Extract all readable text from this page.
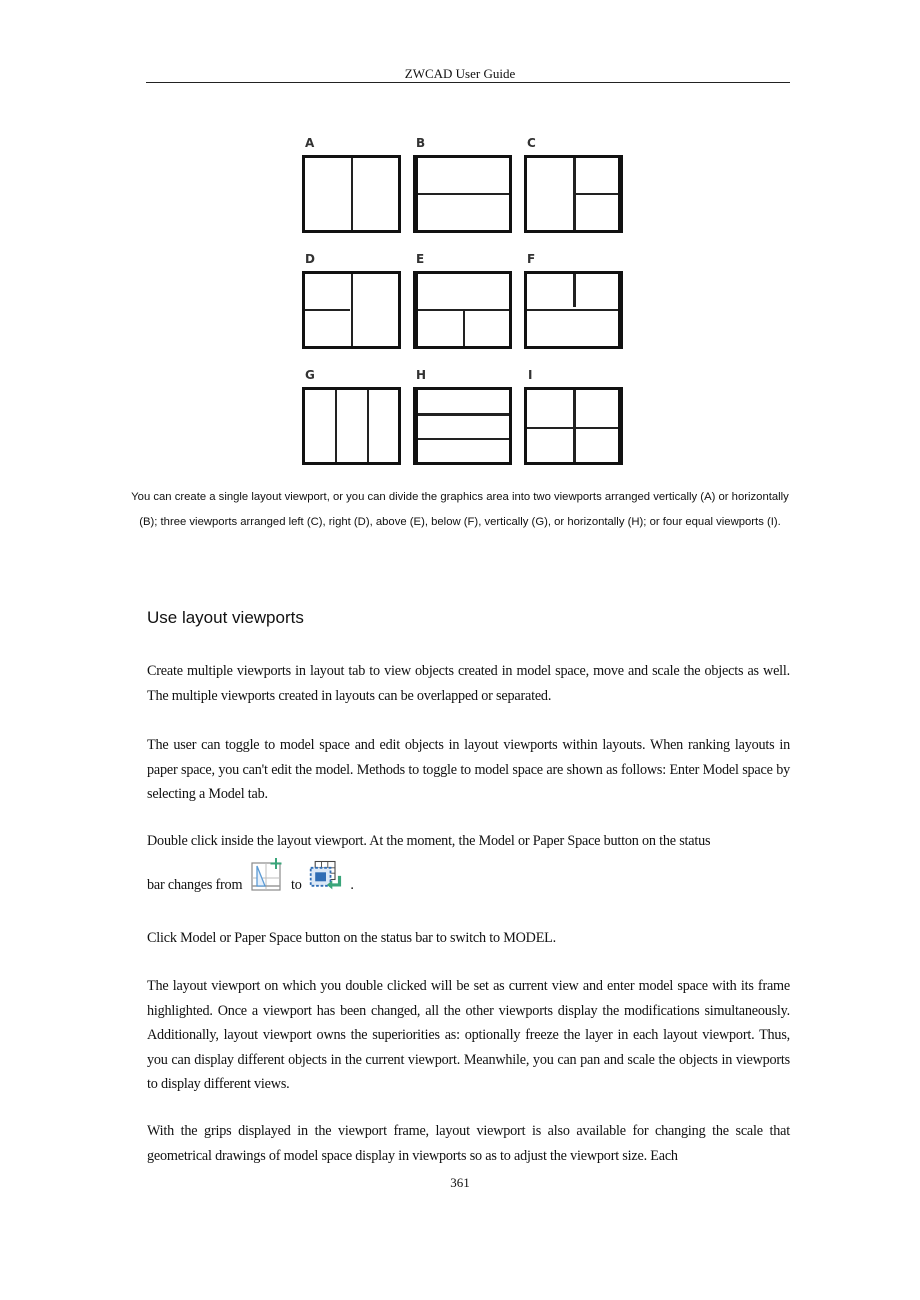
ZWCAD User Guide
A	B	C
D	E	F
G	H	I
You can create a single layout viewport, or you can divide the graphics area into two viewports arranged vertically (A) or horizontally (B); three viewports arranged left (C), right (D), above (E), below (F), vertically (G), or horizontally (H); or four equal viewports (I).
Use layout viewports
Create multiple viewports in layout tab to view objects created in model space, move and scale the objects as well. The multiple viewports created in layouts can be overlapped or separated.
The user can toggle to model space and edit objects in layout viewports within layouts. When ranking layouts in paper space, you can't edit the model. Methods to toggle to model space are shown as follows: Enter Model space by selecting a Model tab.
Double click inside the layout viewport. At the moment, the Model or Paper Space button on the status
bar changes from	to	.
Click Model or Paper Space button on the status bar to switch to MODEL.
The layout viewport on which you double clicked will be set as current view and enter model space with its frame highlighted. Once a viewport has been changed, all the other viewports display the modifications simultaneously. Additionally, layout viewport owns the superiorities as: optionally freeze the layer in each layout viewport. Thus, you can display different objects in the current viewport. Meanwhile, you can pan and scale the objects in viewports to display different views.
With the grips displayed in the viewport frame, layout viewport is also available for changing the scale that geometrical drawings of model space display in viewports so as to adjust the viewport size. Each
361
